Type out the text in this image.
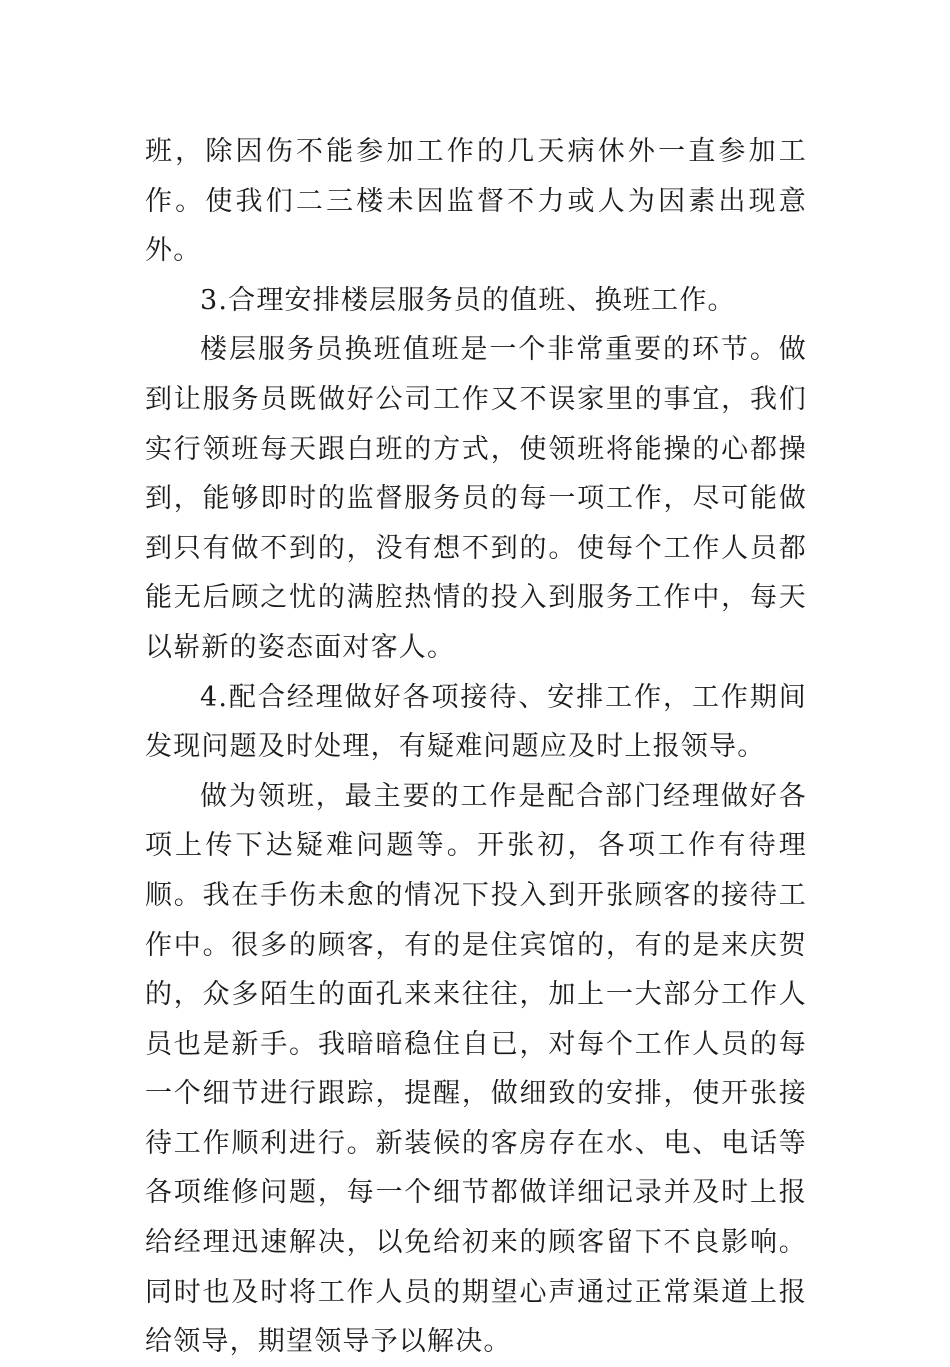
班，除因伤不能参加工作的几天病休外一直参加工作。使我们二三楼未因监督不力或人为因素出现意外。

3.合理安排楼层服务员的值班、换班工作。

楼层服务员换班值班是一个非常重要的环节。做到让服务员既做好公司工作又不误家里的事宜，我们实行领班每天跟白班的方式，使领班将能操的心都操到，能够即时的监督服务员的每一项工作，尽可能做到只有做不到的，没有想不到的。使每个工作人员都能无后顾之忧的满腔热情的投入到服务工作中，每天以崭新的姿态面对客人。

4.配合经理做好各项接待、安排工作，工作期间发现问题及时处理，有疑难问题应及时上报领导。

做为领班，最主要的工作是配合部门经理做好各项上传下达疑难问题等。开张初，各项工作有待理顺。我在手伤未愈的情况下投入到开张顾客的接待工作中。很多的顾客，有的是住宾馆的，有的是来庆贺的，众多陌生的面孔来来往往，加上一大部分工作人员也是新手。我暗暗稳住自已，对每个工作人员的每一个细节进行跟踪，提醒，做细致的安排，使开张接待工作顺利进行。新装候的客房存在水、电、电话等各项维修问题，每一个细节都做详细记录并及时上报给经理迅速解决，以免给初来的顾客留下不良影响。同时也及时将工作人员的期望心声通过正常渠道上报给领导，期望领导予以解决。
